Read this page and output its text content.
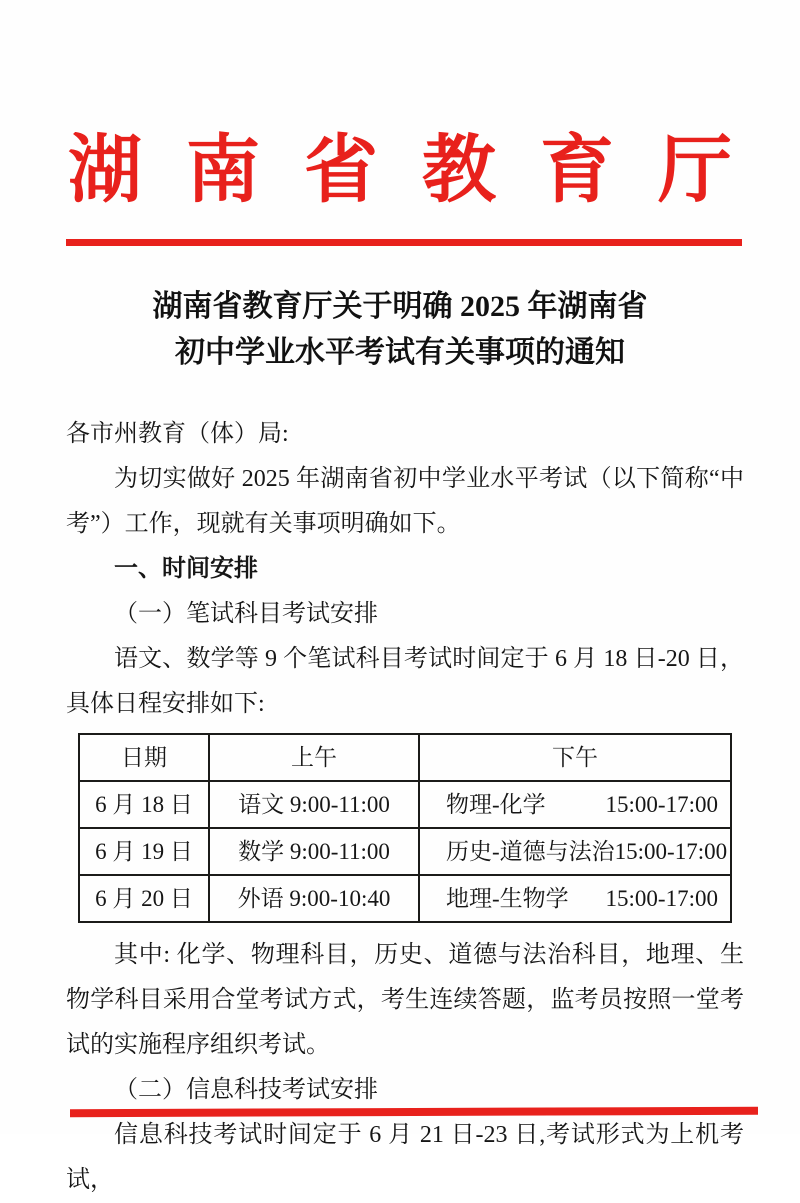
湖南省教育厅
湖南省教育厅关于明确 2025 年湖南省
初中学业水平考试有关事项的通知

各市州教育（体）局:

为切实做好 2025 年湖南省初中学业水平考试（以下简称“中考”）工作，现就有关事项明确如下。

一、时间安排

（一）笔试科目考试安排

语文、数学等 9 个笔试科目考试时间定于 6 月 18 日-20 日，具体日程安排如下:

日期	上午	下午
6 月 18 日	语文 9:00-11:00	物理-化学 15:00-17:00

6 月 19 日	数学 9:00-11:00	历史-道德与法治 15:00-17:00

6 月 20 日	外语 9:00-10:40	地理-生物学 15:00-17:00

其中: 化学、物理科目，历史、道德与法治科目，地理、生物学科目采用合堂考试方式，考生连续答题，监考员按照一堂考试的实施程序组织考试。

（二）信息科技考试安排

信息科技考试时间定于 6 月 21 日-23 日,考试形式为上机考试，
